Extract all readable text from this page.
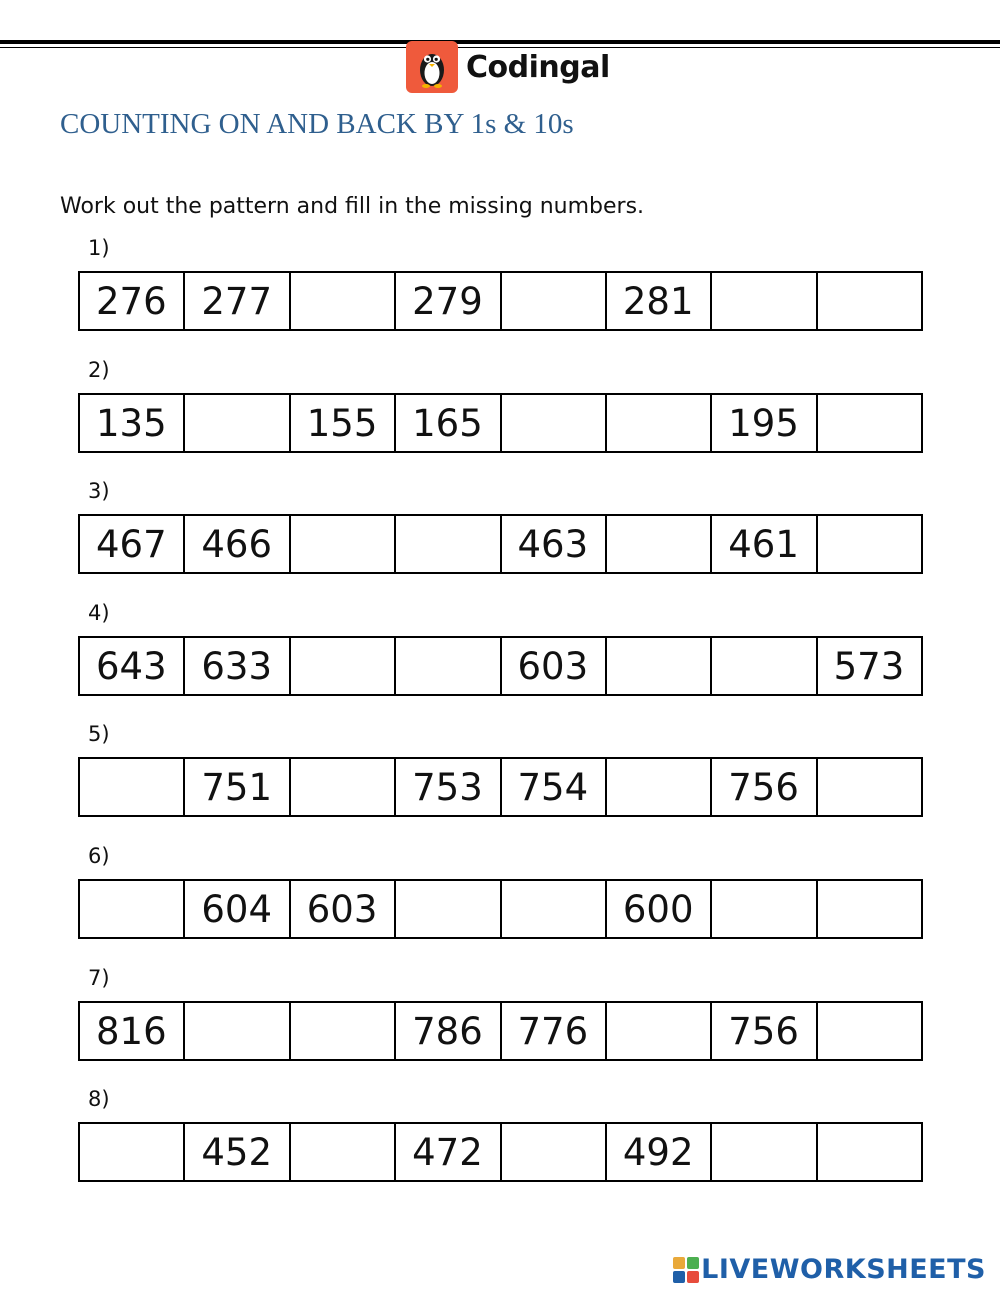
Codingal
COUNTING ON AND BACK BY 1s & 10s
Work out the pattern and fill in the missing numbers.
1)
276 277	279	281
2)
135	155 165	195
3)
467 466	463	461
4)
643 633	603	573
5)
751	753 754	756
6)
604 603	600
7)
816	786 776	756
8)
452	472	492
LIVEWORKSHEETS
